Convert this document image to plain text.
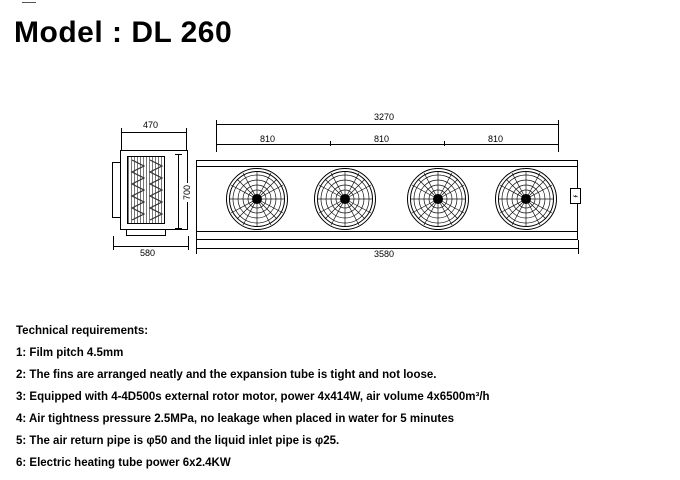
Model : DL 260
470
700
580
3270
810	810	810
⌁
3580
Technical requirements:
1: Film pitch 4.5mm
2: The fins are arranged neatly and the expansion tube is tight and not loose.
3: Equipped with 4-4D500s external rotor motor, power 4x414W, air volume 4x6500m³/h
4: Air tightness pressure 2.5MPa, no leakage when placed in water for 5 minutes
5: The air return pipe is φ50 and the liquid inlet pipe is φ25.
6: Electric heating tube power 6x2.4KW
